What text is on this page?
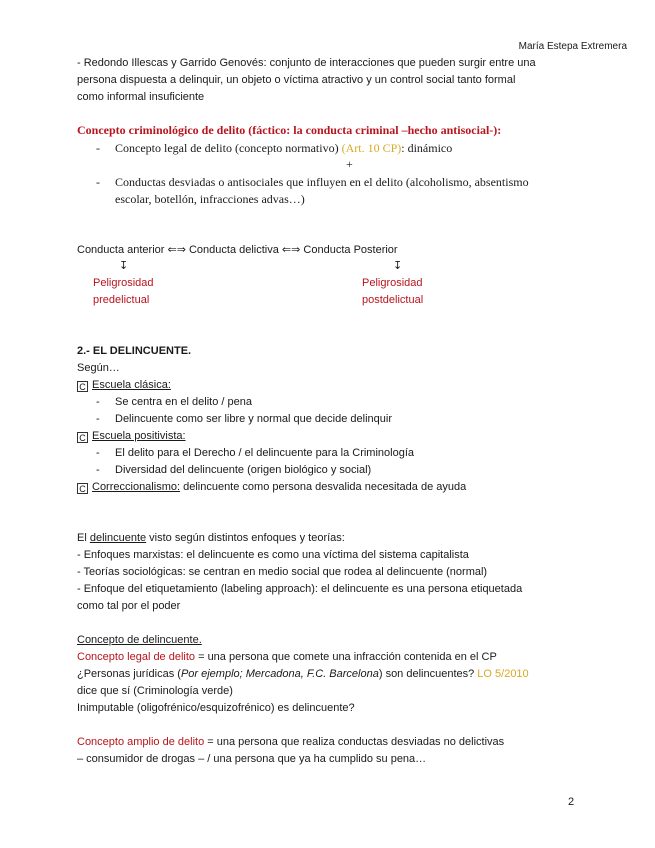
María Estepa Extremera
- Redondo Illescas y Garrido Genovés: conjunto de interacciones que pueden surgir entre una
persona dispuesta a delinquir, un objeto o víctima atractivo y un control social tanto formal
como informal insuficiente
Concepto criminológico de delito (fáctico: la conducta criminal –hecho antisocial-):
- Concepto legal de delito (concepto normativo) (Art. 10 CP): dinámico
+
- Conductas desviadas o antisociales que influyen en el delito (alcoholismo, absentismo
escolar, botellón, infracciones advas…)
Conducta anterior ⇐⇒ Conducta delictiva ⇐⇒ Conducta Posterior
↧	↧
Peligrosidad
predelictual
Peligrosidad
postdelictual
2.- EL DELINCUENTE.
Según…
C Escuela clásica:
- Se centra en el delito / pena
- Delincuente como ser libre y normal que decide delinquir
C Escuela positivista:
- El delito para el Derecho / el delincuente para la Criminología
- Diversidad del delincuente (origen biológico y social)
C Correccionalismo: delincuente como persona desvalida necesitada de ayuda
El delincuente visto según distintos enfoques y teorías:
- Enfoques marxistas: el delincuente es como una víctima del sistema capitalista
- Teorías sociológicas: se centran en medio social que rodea al delincuente (normal)
- Enfoque del etiquetamiento (labeling approach): el delincuente es una persona etiquetada
como tal por el poder
Concepto de delincuente.
Concepto legal de delito = una persona que comete una infracción contenida en el CP
¿Personas jurídicas (Por ejemplo; Mercadona, F.C. Barcelona) son delincuentes? LO 5/2010
dice que sí (Criminología verde)
Inimputable (oligofrénico/esquizofrénico) es delincuente?
Concepto amplio de delito = una persona que realiza conductas desviadas no delictivas
– consumidor de drogas – / una persona que ya ha cumplido su pena…
2
